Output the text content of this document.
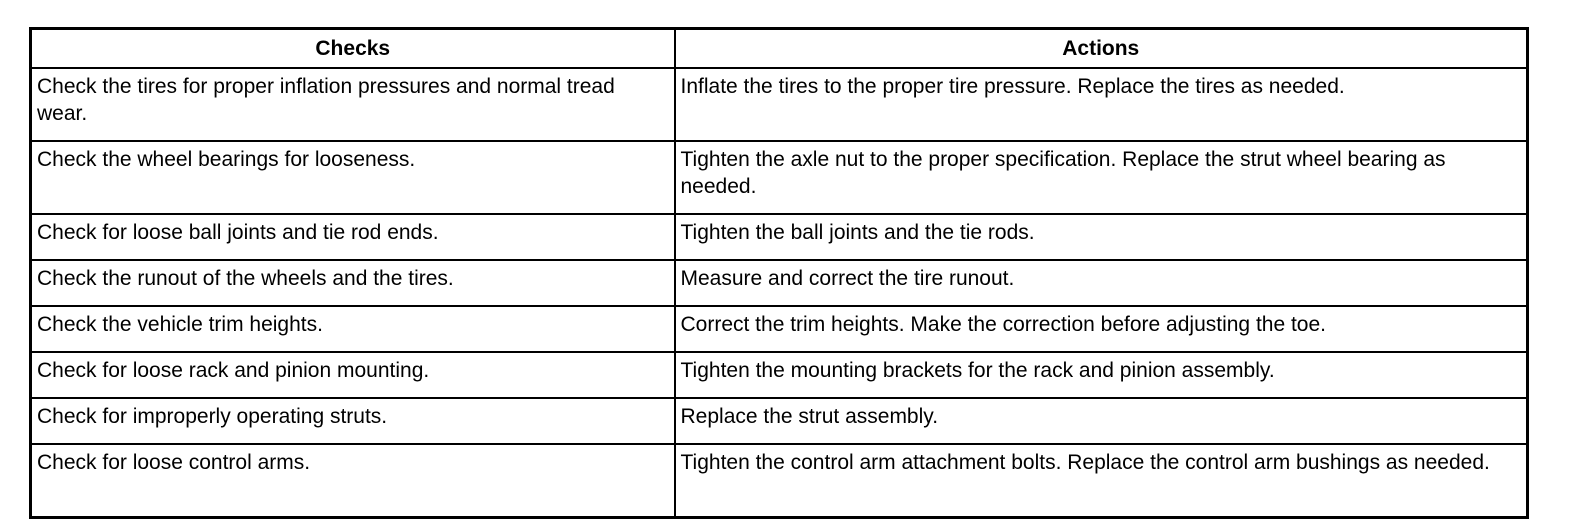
Checks	Actions
Check the tires for proper inflation pressures and normal tread wear.	Inflate the tires to the proper tire pressure. Replace the tires as needed.
Check the wheel bearings for looseness.	Tighten the axle nut to the proper specification. Replace the strut wheel bearing as needed.
Check for loose ball joints and tie rod ends.	Tighten the ball joints and the tie rods.
Check the runout of the wheels and the tires.	Measure and correct the tire runout.
Check the vehicle trim heights.	Correct the trim heights. Make the correction before adjusting the toe.
Check for loose rack and pinion mounting.	Tighten the mounting brackets for the rack and pinion assembly.
Check for improperly operating struts.	Replace the strut assembly.
Check for loose control arms.	Tighten the control arm attachment bolts. Replace the control arm bushings as needed.
